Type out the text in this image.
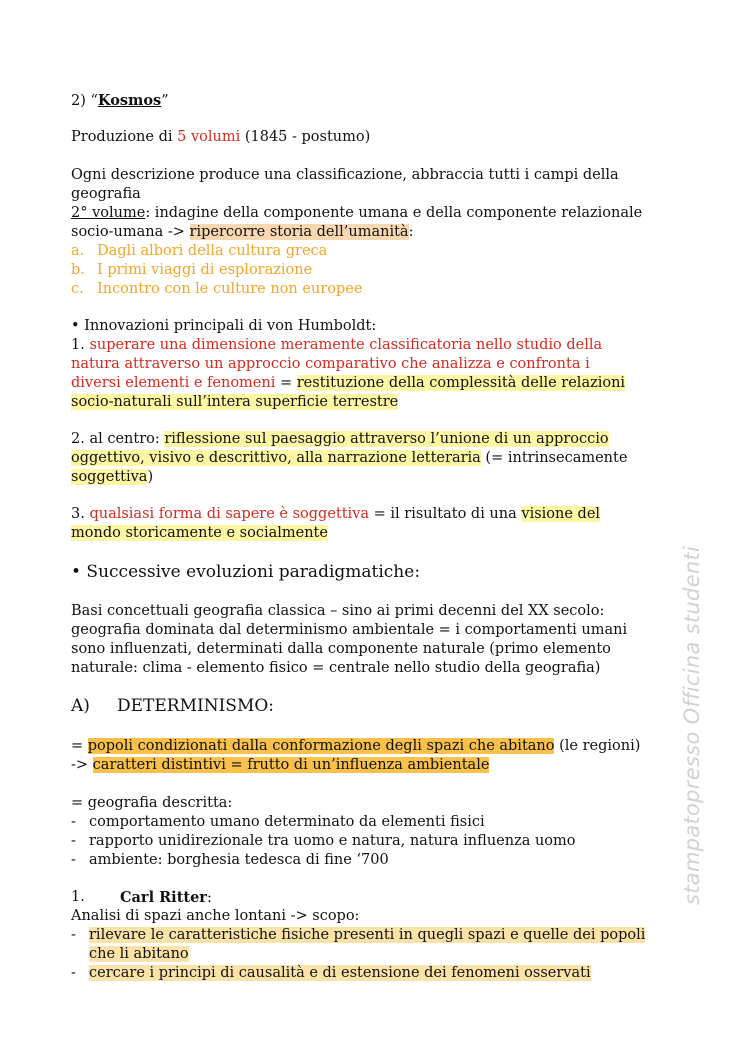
stampatopresso Officina studenti
2) “Kosmos”
Produzione di 5 volumi (1845 - postumo)
Ogni descrizione produce una classificazione, abbraccia tutti i campi della
geografia
2° volume: indagine della componente umana e della componente relazionale
socio-umana -> ripercorre storia dell’umanità:
a. Dagli albori della cultura greca
b. I primi viaggi di esplorazione
c. Incontro con le culture non europee
• Innovazioni principali di von Humboldt:
1. superare una dimensione meramente classificatoria nello studio della
natura attraverso un approccio comparativo che analizza e confronta i
diversi elementi e fenomeni = restituzione della complessità delle relazioni
socio-naturali sull’intera superficie terrestre
2. al centro: riflessione sul paesaggio attraverso l’unione di un approccio
oggettivo, visivo e descrittivo, alla narrazione letteraria (= intrinsecamente
soggettiva)
3. qualsiasi forma di sapere è soggettiva = il risultato di una visione del
mondo storicamente e socialmente
• Successive evoluzioni paradigmatiche:
Basi concettuali geografia classica – sino ai primi decenni del XX secolo:
geografia dominata dal determinismo ambientale = i comportamenti umani
sono influenzati, determinati dalla componente naturale (primo elemento
naturale: clima - elemento fisico = centrale nello studio della geografia)
A) DETERMINISMO:
= popoli condizionati dalla conformazione degli spazi che abitano (le regioni)
-> caratteri distintivi = frutto di un’influenza ambientale
= geografia descritta:
- comportamento umano determinato da elementi fisici
- rapporto unidirezionale tra uomo e natura, natura influenza uomo
- ambiente: borghesia tedesca di fine ‘700
1. Carl Ritter:
Analisi di spazi anche lontani -> scopo:
- rilevare le caratteristiche fisiche presenti in quegli spazi e quelle dei popoli
che li abitano
- cercare i principi di causalità e di estensione dei fenomeni osservati
